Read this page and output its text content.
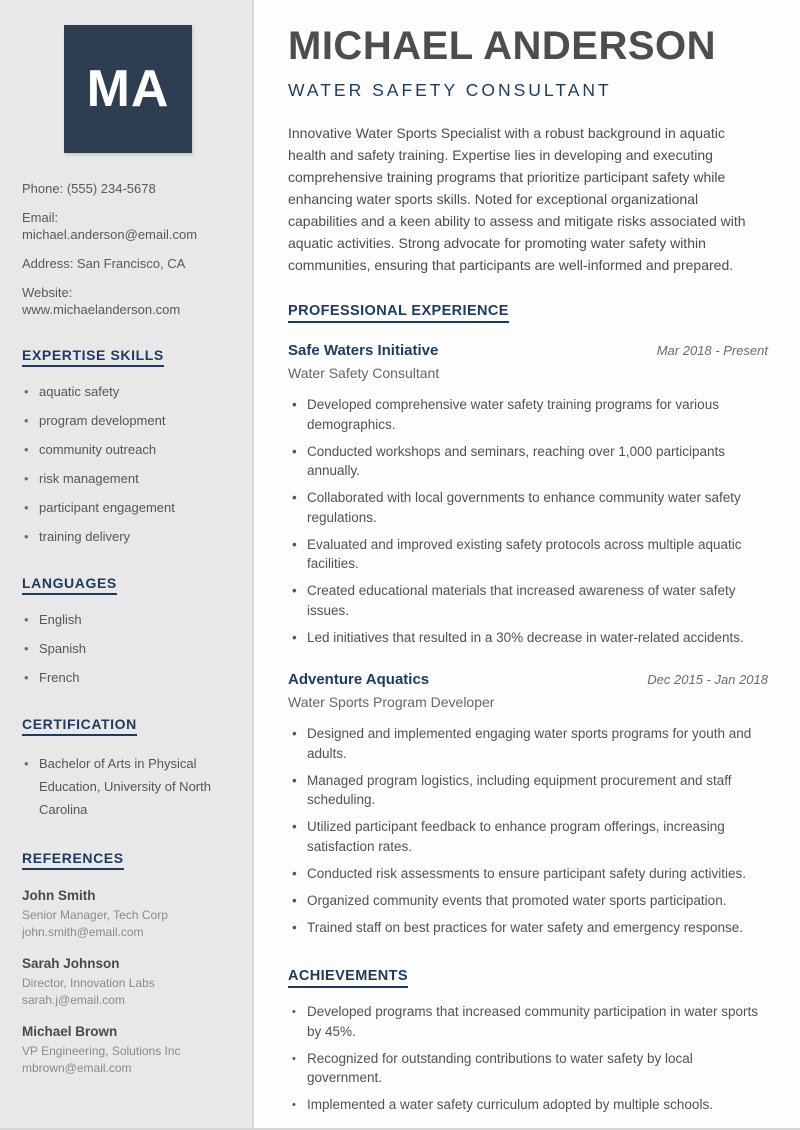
MA
Phone: (555) 234-5678
Email: michael.anderson@email.com
Address: San Francisco, CA
Website: www.michaelanderson.com
EXPERTISE SKILLS
• aquatic safety
• program development
• community outreach
• risk management
• participant engagement
• training delivery
LANGUAGES
• English
• Spanish
• French
CERTIFICATION
• Bachelor of Arts in Physical Education, University of North Carolina
REFERENCES
John Smith
Senior Manager, Tech Corp
john.smith@email.com
Sarah Johnson
Director, Innovation Labs
sarah.j@email.com
Michael Brown
VP Engineering, Solutions Inc
mbrown@email.com
MICHAEL ANDERSON
WATER SAFETY CONSULTANT

Innovative Water Sports Specialist with a robust background in aquatic health and safety training. Expertise lies in developing and executing comprehensive training programs that prioritize participant safety while enhancing water sports skills. Noted for exceptional organizational capabilities and a keen ability to assess and mitigate risks associated with aquatic activities. Strong advocate for promoting water safety within communities, ensuring that participants are well-informed and prepared.

PROFESSIONAL EXPERIENCE
Safe Waters Initiative	Mar 2018 - Present
Water Safety Consultant
• Developed comprehensive water safety training programs for various demographics.
• Conducted workshops and seminars, reaching over 1,000 participants annually.
• Collaborated with local governments to enhance community water safety regulations.
• Evaluated and improved existing safety protocols across multiple aquatic facilities.
• Created educational materials that increased awareness of water safety issues.
• Led initiatives that resulted in a 30% decrease in water-related accidents.
Adventure Aquatics	Dec 2015 - Jan 2018
Water Sports Program Developer
• Designed and implemented engaging water sports programs for youth and adults.
• Managed program logistics, including equipment procurement and staff scheduling.
• Utilized participant feedback to enhance program offerings, increasing satisfaction rates.
• Conducted risk assessments to ensure participant safety during activities.
• Organized community events that promoted water sports participation.
• Trained staff on best practices for water safety and emergency response.
ACHIEVEMENTS
• Developed programs that increased community participation in water sports by 45%.
• Recognized for outstanding contributions to water safety by local government.
• Implemented a water safety curriculum adopted by multiple schools.
